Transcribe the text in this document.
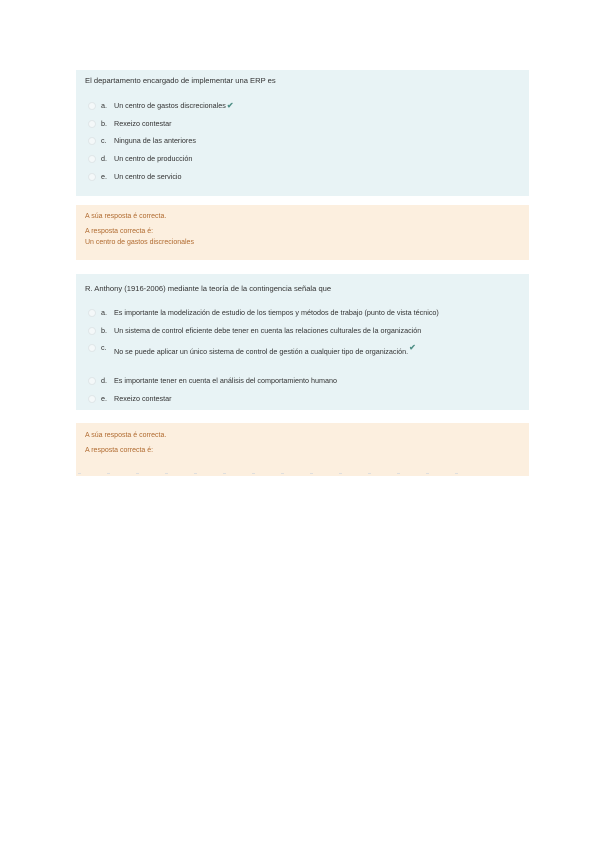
El departamento encargado de implementar una ERP es
a. Un centro de gastos discrecionales✔
b. Rexeizo contestar
c.	Ninguna de las anteriores
d. Un centro de producción
e. Un centro de servicio
A súa resposta é correcta.
A resposta correcta é:
Un centro de gastos discrecionales
R. Anthony (1916-2006) mediante la teoría de la contingencia señala que
a. Es importante la modelización de estudio de los tiempos y métodos de trabajo (punto de vista técnico)
b. Un sistema de control eficiente debe tener en cuenta las relaciones culturales de la organización
c.	No se puede aplicar un único sistema de control de gestión a cualquier tipo de organización.✔
d. Es importante tener en cuenta el análisis del comportamiento humano
e. Rexeizo contestar
A súa resposta é correcta.
A resposta correcta é:
